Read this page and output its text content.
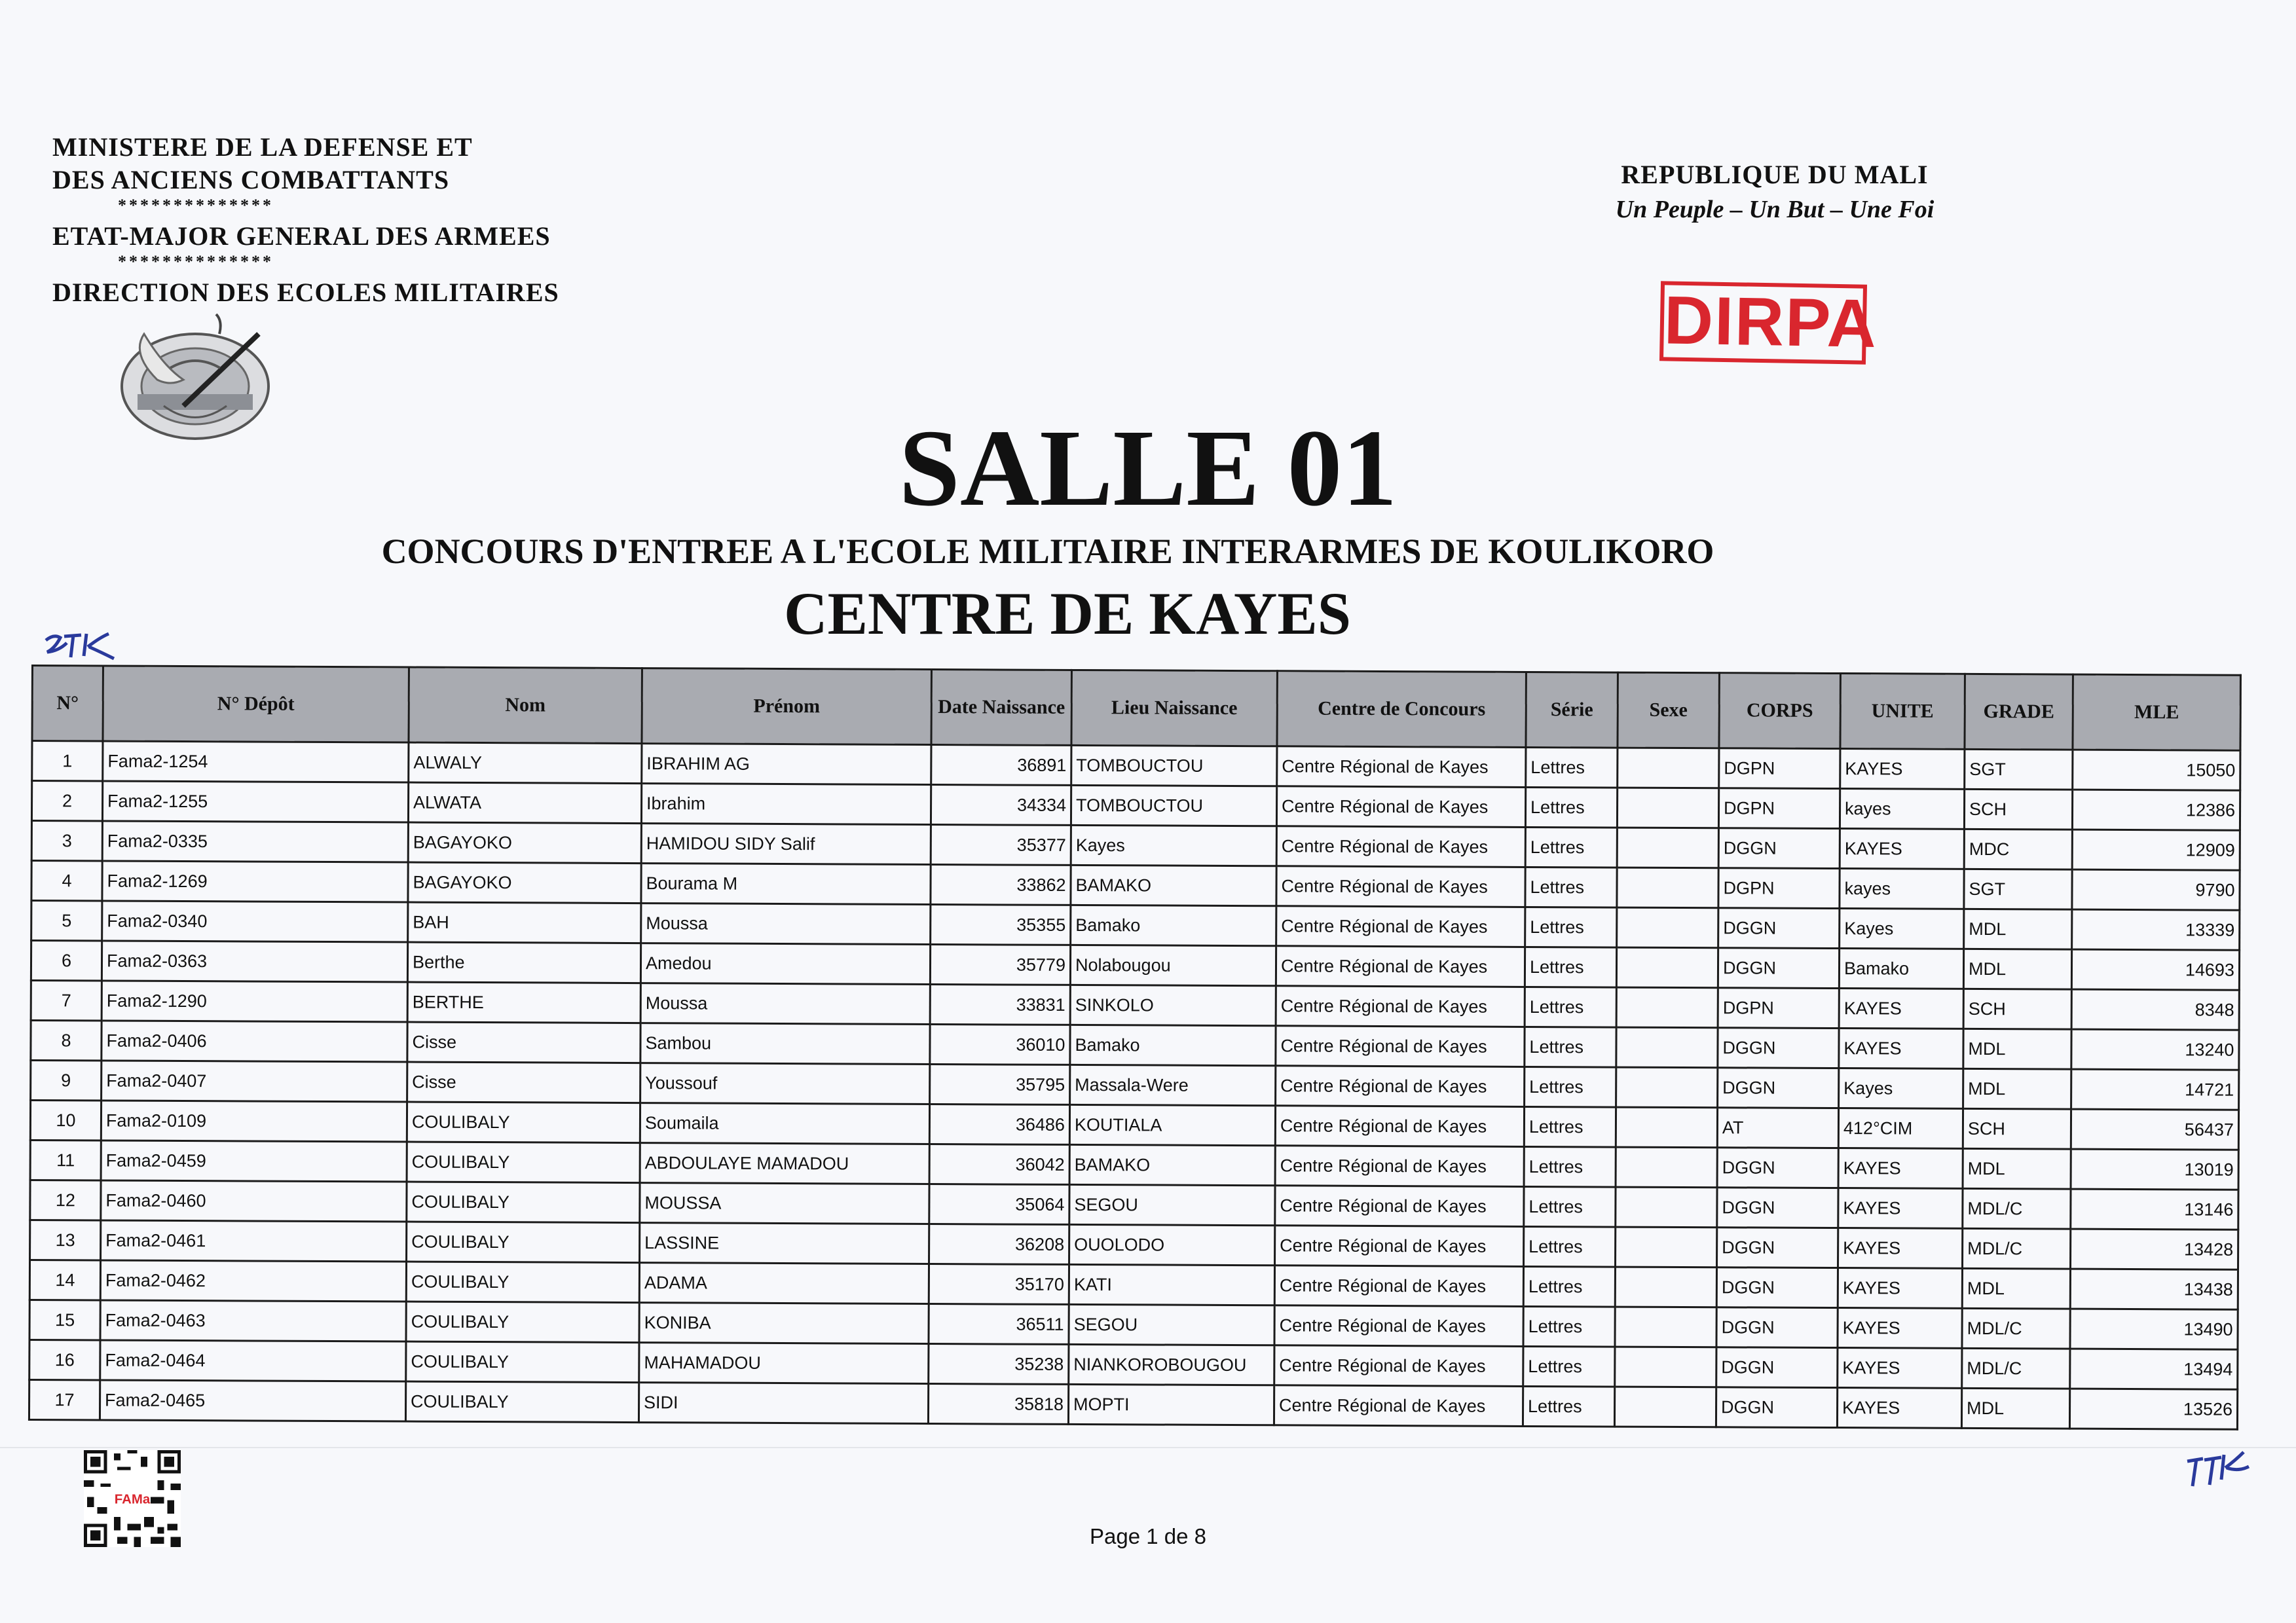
MINISTERE DE LA DEFENSE ET
DES ANCIENS COMBATTANTS
**************
ETAT-MAJOR GENERAL DES ARMEES
**************
DIRECTION DES ECOLES MILITAIRES
REPUBLIQUE DU MALI
Un Peuple – Un But – Une Foi
DIRPA
SALLE 01
CONCOURS D'ENTREE A L'ECOLE MILITAIRE INTERARMES DE KOULIKORO
CENTRE DE KAYES
N°	N° Dépôt	Nom	Prénom	Date Naissance	Lieu Naissance	Centre de Concours	Série	Sexe	CORPS	UNITE	GRADE	MLE
1	Fama2-1254	ALWALY	IBRAHIM AG	36891	TOMBOUCTOU	Centre Régional de Kayes	Lettres		DGPN	KAYES	SGT	15050
2	Fama2-1255	ALWATA	Ibrahim	34334	TOMBOUCTOU	Centre Régional de Kayes	Lettres		DGPN	kayes	SCH	12386
3	Fama2-0335	BAGAYOKO	HAMIDOU SIDY Salif	35377	Kayes	Centre Régional de Kayes	Lettres		DGGN	KAYES	MDC	12909
4	Fama2-1269	BAGAYOKO	Bourama M	33862	BAMAKO	Centre Régional de Kayes	Lettres		DGPN	kayes	SGT	9790
5	Fama2-0340	BAH	Moussa	35355	Bamako	Centre Régional de Kayes	Lettres		DGGN	Kayes	MDL	13339
6	Fama2-0363	Berthe	Amedou	35779	Nolabougou	Centre Régional de Kayes	Lettres		DGGN	Bamako	MDL	14693
7	Fama2-1290	BERTHE	Moussa	33831	SINKOLO	Centre Régional de Kayes	Lettres		DGPN	KAYES	SCH	8348
8	Fama2-0406	Cisse	Sambou	36010	Bamako	Centre Régional de Kayes	Lettres		DGGN	KAYES	MDL	13240
9	Fama2-0407	Cisse	Youssouf	35795	Massala-Were	Centre Régional de Kayes	Lettres		DGGN	Kayes	MDL	14721
10	Fama2-0109	COULIBALY	Soumaila	36486	KOUTIALA	Centre Régional de Kayes	Lettres		AT	412°CIM	SCH	56437
11	Fama2-0459	COULIBALY	ABDOULAYE MAMADOU	36042	BAMAKO	Centre Régional de Kayes	Lettres		DGGN	KAYES	MDL	13019
12	Fama2-0460	COULIBALY	MOUSSA	35064	SEGOU	Centre Régional de Kayes	Lettres		DGGN	KAYES	MDL/C	13146
13	Fama2-0461	COULIBALY	LASSINE	36208	OUOLODO	Centre Régional de Kayes	Lettres		DGGN	KAYES	MDL/C	13428
14	Fama2-0462	COULIBALY	ADAMA	35170	KATI	Centre Régional de Kayes	Lettres		DGGN	KAYES	MDL	13438
15	Fama2-0463	COULIBALY	KONIBA	36511	SEGOU	Centre Régional de Kayes	Lettres		DGGN	KAYES	MDL/C	13490
16	Fama2-0464	COULIBALY	MAHAMADOU	35238	NIANKOROBOUGOU	Centre Régional de Kayes	Lettres		DGGN	KAYES	MDL/C	13494
17	Fama2-0465	COULIBALY	SIDI	35818	MOPTI	Centre Régional de Kayes	Lettres		DGGN	KAYES	MDL	13526
FAMa
Page 1 de 8
